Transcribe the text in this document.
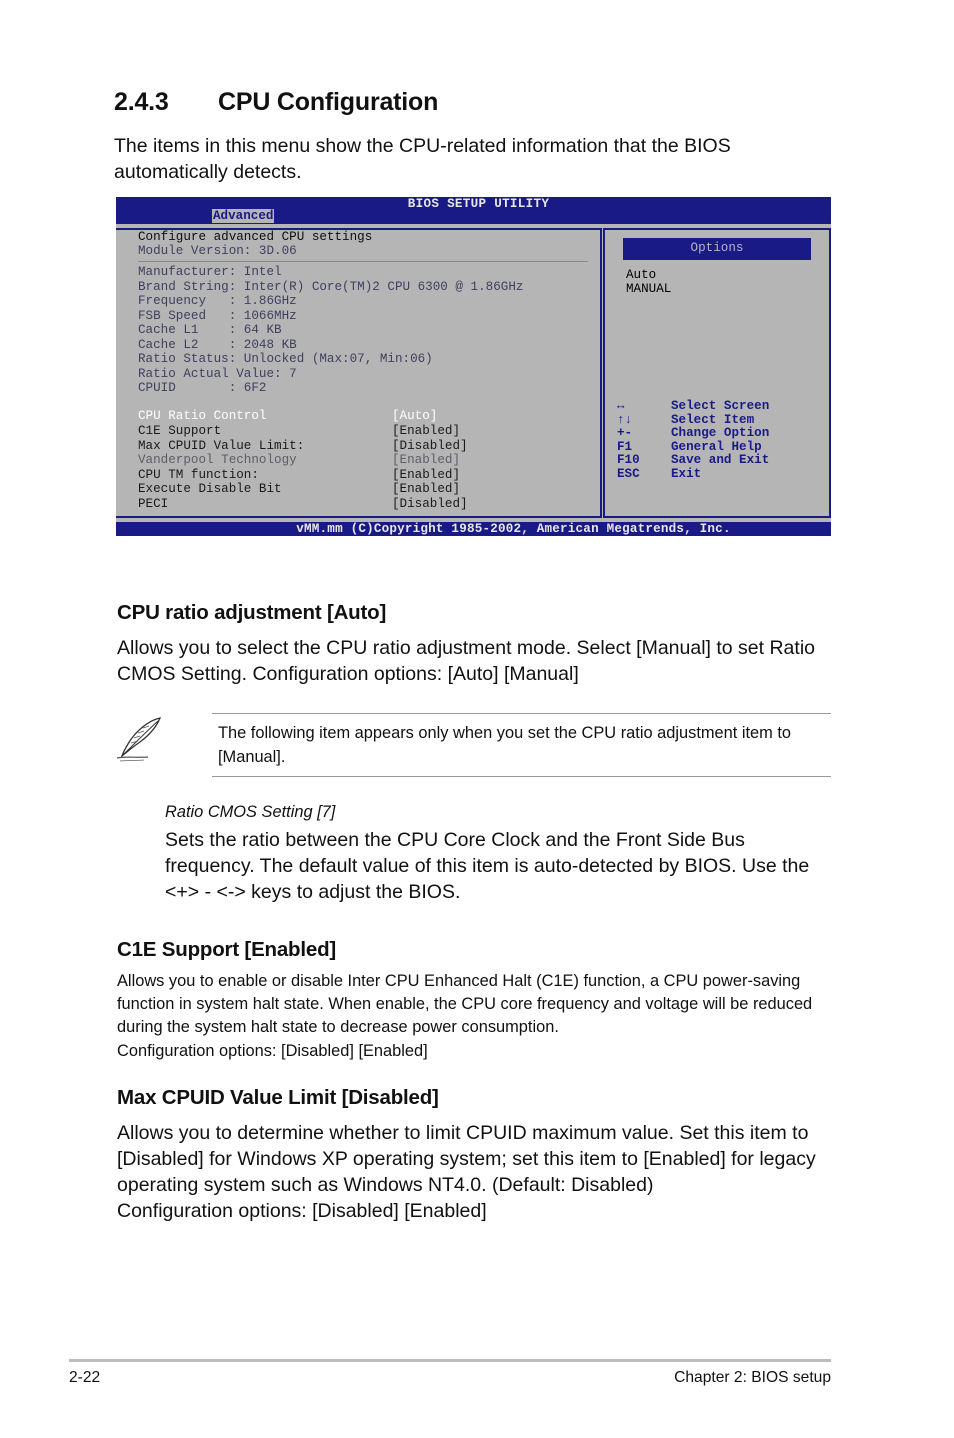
2.4.3 CPU Configuration

The items in this menu show the CPU-related information that the BIOS automatically detects.

BIOS SETUP UTILITY
Advanced
Configure advanced CPU settings
Module Version: 3D.06
Manufacturer: Intel
Brand String: Inter(R) Core(TM)2 CPU 6300 @ 1.86GHz
Frequency   : 1.86GHz
FSB Speed   : 1066MHz
Cache L1    : 64 KB
Cache L2    : 2048 KB
Ratio Status: Unlocked (Max:07, Min:06)
Ratio Actual Value: 7
CPUID       : 6F2
CPU Ratio Control	[Auto]
C1E Support	[Enabled]
Max CPUID Value Limit:	[Disabled]
Vanderpool Technology	[Enabled]
CPU TM function:	[Enabled]
Execute Disable Bit	[Enabled]
PECI	[Disabled]
Options
Auto
MANUAL
↔	Select Screen
↑↓	Select Item
+-	Change Option
F1	General Help
F10 Save and Exit
ESC Exit
vMM.mm (C)Copyright 1985-2002, American Megatrends, Inc.
CPU ratio adjustment [Auto]

Allows you to select the CPU ratio adjustment mode. Select [Manual] to set Ratio CMOS Setting. Configuration options: [Auto] [Manual]

The following item appears only when you set the CPU ratio adjustment item to [Manual].

Ratio CMOS Setting [7]

Sets the ratio between the CPU Core Clock and the Front Side Bus frequency. The default value of this item is auto-detected by BIOS. Use the <+> - <-> keys to adjust the BIOS.

C1E Support [Enabled]

Allows you to enable or disable Inter CPU Enhanced Halt (C1E) function, a CPU power-saving function in system halt state. When enable, the CPU core frequency and voltage will be reduced during the system halt state to decrease power consumption.

Configuration options: [Disabled] [Enabled]

Max CPUID Value Limit [Disabled]

Allows you to determine whether to limit CPUID maximum value. Set this item to [Disabled] for Windows XP operating system; set this item to [Enabled] for legacy operating system such as Windows NT4.0. (Default: Disabled)

Configuration options: [Disabled] [Enabled]

2-22	Chapter 2: BIOS setup
